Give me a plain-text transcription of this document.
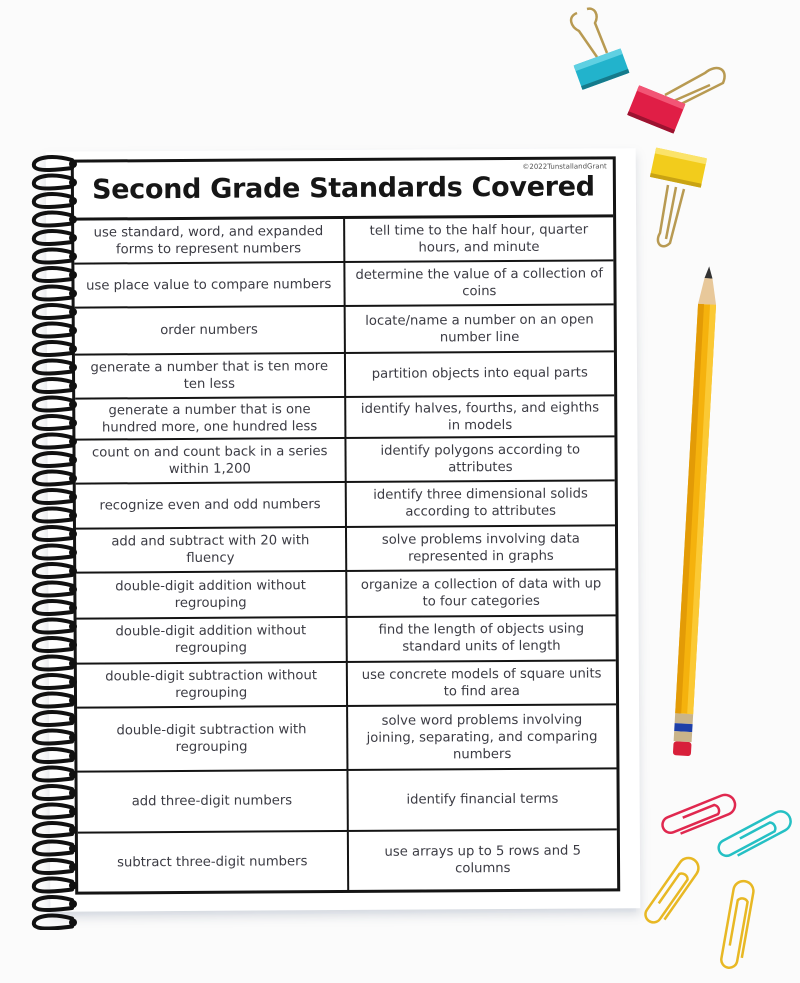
©2022TunstallandGrant
Second Grade Standards Covered
use standard, word, and expanded forms to represent numbers
tell time to the half hour, quarter hours, and minute
use place value to compare numbers
determine the value of a collection of coins
order numbers
locate/name a number on an open number line
generate a number that is ten more ten less
partition objects into equal parts
generate a number that is one hundred more, one hundred less
identify halves, fourths, and eighths in models
count on and count back in a series within 1,200
identify polygons according to attributes
recognize even and odd numbers
identify three dimensional solids according to attributes
add and subtract with 20 with fluency
solve problems involving data represented in graphs
double-digit addition without regrouping
organize a collection of data with up to four categories
double-digit addition without regrouping
find the length of objects using standard units of length
double-digit subtraction without regrouping
use concrete models of square units to find area
double-digit subtraction with regrouping
solve word problems involving joining, separating, and comparing numbers
add three-digit numbers	identify financial terms
subtract three-digit numbers
use arrays up to 5 rows and 5 columns
